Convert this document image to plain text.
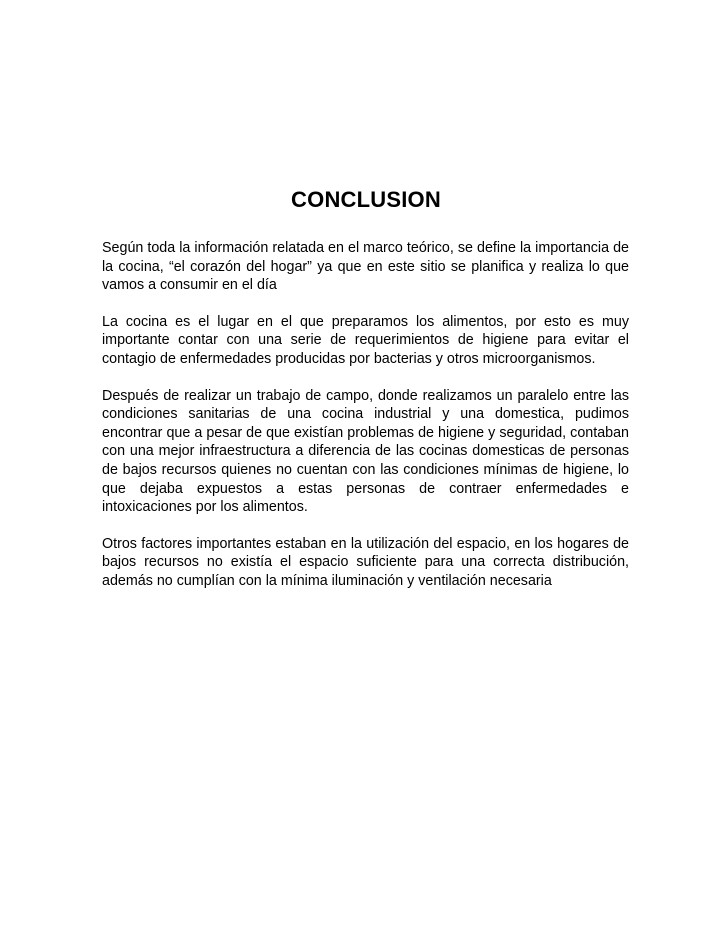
CONCLUSION

Según toda la información relatada en el marco teórico, se define la importancia de la cocina, “el corazón del hogar” ya que en este sitio se planifica y realiza lo que vamos a consumir en el día

La cocina es el lugar en el que preparamos los alimentos, por esto es muy importante contar con una serie de requerimientos de higiene para evitar el contagio de enfermedades producidas por bacterias y otros microorganismos.

Después de realizar un trabajo de campo, donde realizamos un paralelo entre las condiciones sanitarias de una cocina industrial y una domestica, pudimos encontrar que a pesar de que existían problemas de higiene y seguridad, contaban con una mejor infraestructura a diferencia de las cocinas domesticas de personas de bajos recursos quienes no cuentan con las condiciones mínimas de higiene, lo que dejaba expuestos a estas personas de contraer enfermedades e intoxicaciones por los alimentos.

Otros factores importantes estaban en la utilización del espacio, en los hogares de bajos recursos no existía el espacio suficiente para una correcta distribución, además no cumplían con la mínima iluminación y ventilación necesaria
